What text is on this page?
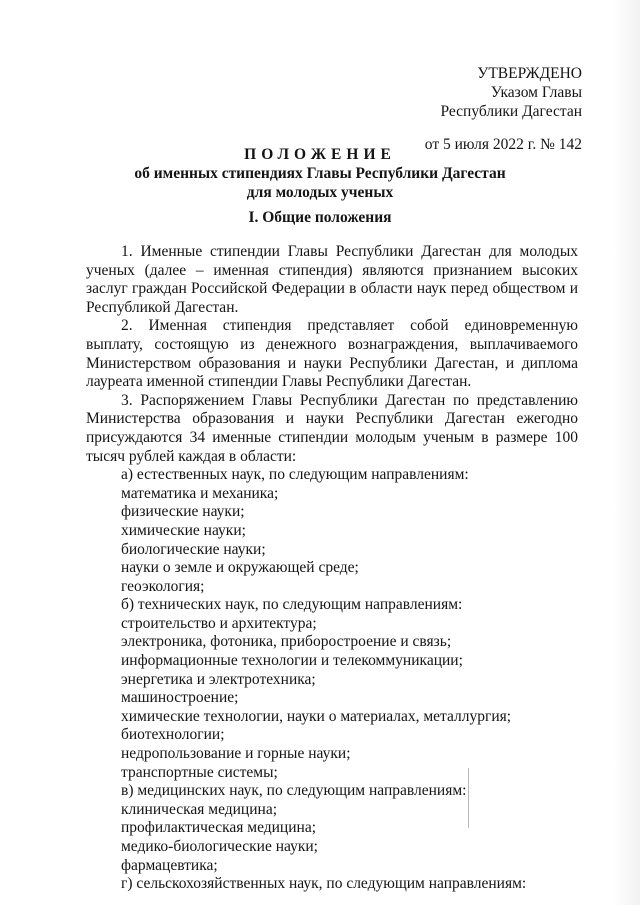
УТВЕРЖДЕНО
Указом Главы
Республики Дагестан
от 5 июля 2022 г. № 142
ПОЛОЖЕНИЕ
об именных стипендиях Главы Республики Дагестан
для молодых ученых
I. Общие положения

1. Именные стипендии Главы Республики Дагестан для молодых ученых (далее – именная стипендия) являются признанием высоких заслуг граждан Российской Федерации в области наук перед обществом и Республикой Дагестан.

2. Именная стипендия представляет собой единовременную выплату, состоящую из денежного вознаграждения, выплачиваемого Министерством образования и науки Республики Дагестан, и диплома лауреата именной стипендии Главы Республики Дагестан.

3. Распоряжением Главы Республики Дагестан по представлению Министерства образования и науки Республики Дагестан ежегодно присуждаются 34 именные стипендии молодым ученым в размере 100 тысяч рублей каждая в области:

а) естественных наук, по следующим направлениям:

математика и механика;

физические науки;

химические науки;

биологические науки;

науки о земле и окружающей среде;

геоэкология;

б) технических наук, по следующим направлениям:

строительство и архитектура;

электроника, фотоника, приборостроение и связь;

информационные технологии и телекоммуникации;

энергетика и электротехника;

машиностроение;

химические технологии, науки о материалах, металлургия;

биотехнологии;

недропользование и горные науки;

транспортные системы;

в) медицинских наук, по следующим направлениям:

клиническая медицина;

профилактическая медицина;

медико-биологические науки;

фармацевтика;

г) сельскохозяйственных наук, по следующим направлениям:
